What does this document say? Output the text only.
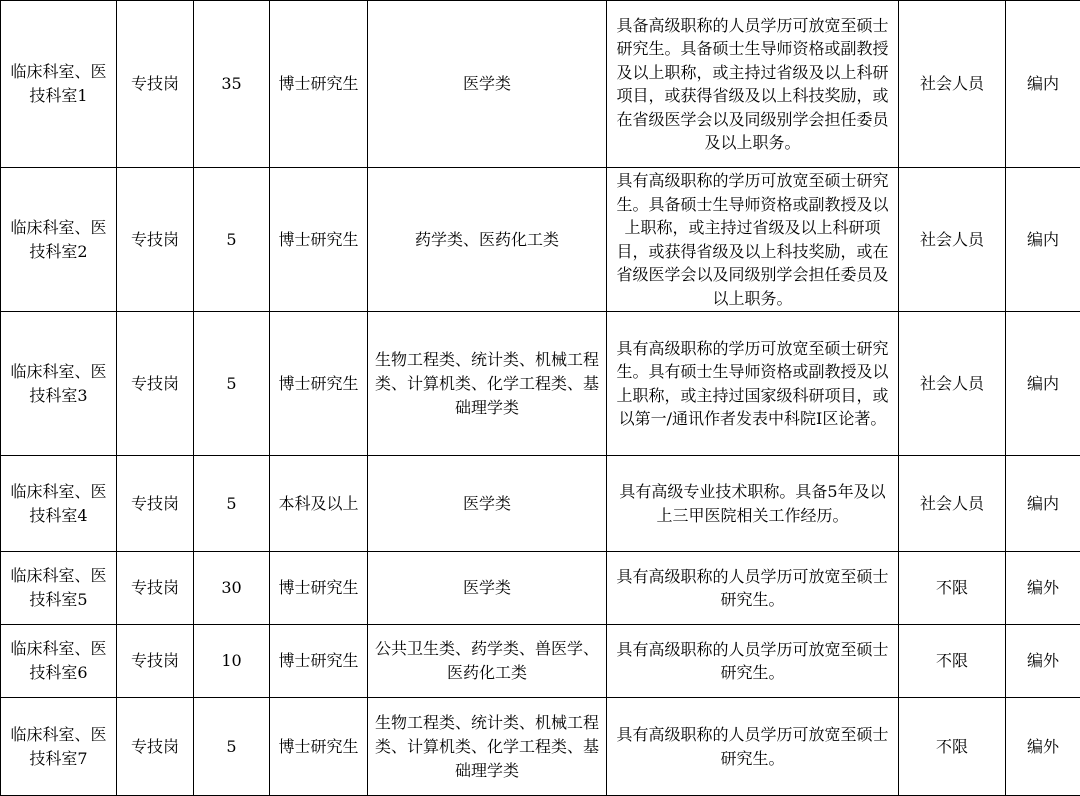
临床科室、医技科室1	专技岗	35	博士研究生	医学类	具备高级职称的人员学历可放宽至硕士研究生。具备硕士生导师资格或副教授及以上职称，或主持过省级及以上科研项目，或获得省级及以上科技奖励，或在省级医学会以及同级别学会担任委员及以上职务。	社会人员	编内
临床科室、医技科室2	专技岗	5	博士研究生	药学类、医药化工类	具有高级职称的学历可放宽至硕士研究生。具备硕士生导师资格或副教授及以上职称，或主持过省级及以上科研项目，或获得省级及以上科技奖励，或在省级医学会以及同级别学会担任委员及以上职务。	社会人员	编内
临床科室、医技科室3	专技岗	5	博士研究生	生物工程类、统计类、机械工程类、计算机类、化学工程类、基础理学类	具有高级职称的学历可放宽至硕士研究生。具有硕士生导师资格或副教授及以上职称，或主持过国家级科研项目，或以第一/通讯作者发表中科院I区论著。	社会人员	编内
临床科室、医技科室4	专技岗	5	本科及以上	医学类	具有高级专业技术职称。具备5年及以上三甲医院相关工作经历。	社会人员	编内
临床科室、医技科室5	专技岗	30	博士研究生	医学类	具有高级职称的人员学历可放宽至硕士研究生。	不限	编外
临床科室、医技科室6	专技岗	10	博士研究生	公共卫生类、药学类、兽医学、医药化工类	具有高级职称的人员学历可放宽至硕士研究生。	不限	编外
临床科室、医技科室7	专技岗	5	博士研究生	生物工程类、统计类、机械工程类、计算机类、化学工程类、基础理学类	具有高级职称的人员学历可放宽至硕士研究生。	不限	编外
